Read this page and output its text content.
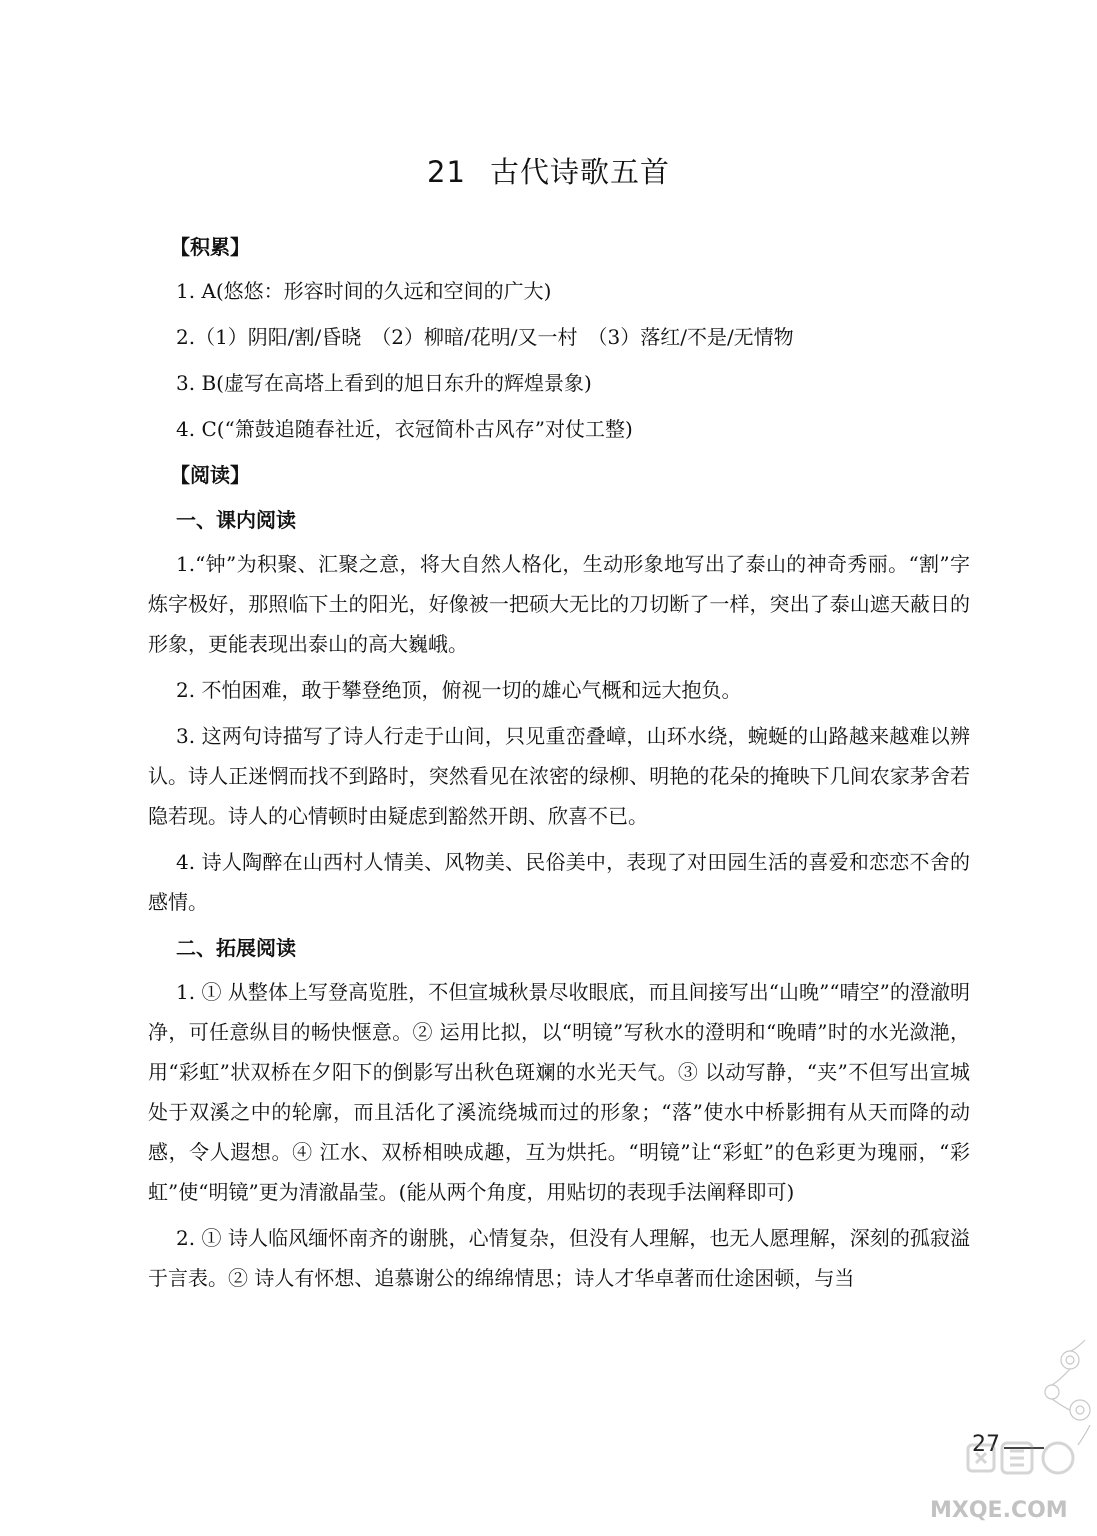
21 古代诗歌五首
【积累】
1. A(悠悠：形容时间的久远和空间的广大)
2.（1）阴阳/割/昏晓　（2）柳暗/花明/又一村　（3）落红/不是/无情物
3. B(虚写在高塔上看到的旭日东升的辉煌景象)
4. C(“箫鼓追随春社近，衣冠简朴古风存”对仗工整)
【阅读】
一、课内阅读
1.“钟”为积聚、汇聚之意，将大自然人格化，生动形象地写出了泰山的神奇秀丽。“割”字炼字极好，那照临下土的阳光，好像被一把硕大无比的刀切断了一样，突出了泰山遮天蔽日的形象，更能表现出泰山的高大巍峨。
2. 不怕困难，敢于攀登绝顶，俯视一切的雄心气概和远大抱负。
3. 这两句诗描写了诗人行走于山间，只见重峦叠嶂，山环水绕，蜿蜒的山路越来越难以辨认。诗人正迷惘而找不到路时，突然看见在浓密的绿柳、明艳的花朵的掩映下几间农家茅舍若隐若现。诗人的心情顿时由疑虑到豁然开朗、欣喜不已。
4. 诗人陶醉在山西村人情美、风物美、民俗美中，表现了对田园生活的喜爱和恋恋不舍的感情。
二、拓展阅读
1. ① 从整体上写登高览胜，不但宣城秋景尽收眼底，而且间接写出“山晚”“晴空”的澄澈明净，可任意纵目的畅快惬意。② 运用比拟，以“明镜”写秋水的澄明和“晚晴”时的水光潋滟，用“彩虹”状双桥在夕阳下的倒影写出秋色斑斓的水光天气。③ 以动写静，“夹”不但写出宣城处于双溪之中的轮廓，而且活化了溪流绕城而过的形象；“落”使水中桥影拥有从天而降的动感，令人遐想。④ 江水、双桥相映成趣，互为烘托。“明镜”让“彩虹”的色彩更为瑰丽，“彩虹”使“明镜”更为清澈晶莹。(能从两个角度，用贴切的表现手法阐释即可)
2. ① 诗人临风缅怀南齐的谢朓，心情复杂，但没有人理解，也无人愿理解，深刻的孤寂溢于言表。② 诗人有怀想、追慕谢公的绵绵情思；诗人才华卓著而仕途困顿，与当
27
MXQE.COM
